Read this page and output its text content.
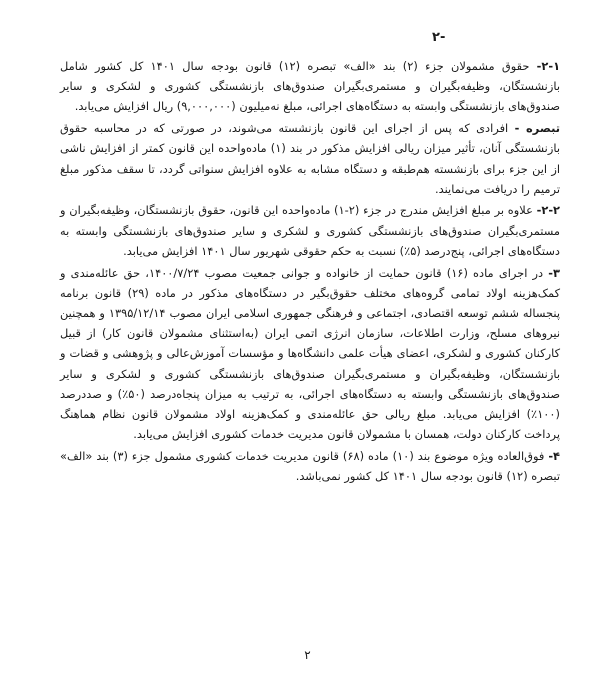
-۲

۲-۱- حقوق مشمولان جزء (۲) بند «الف» تبصره (۱۲) قانون بودجه سال ۱۴۰۱ کل کشور شامل بازنشستگان، وظیفه‌بگیران و مستمری‌بگیران صندوق‌های بازنشستگی کشوری و لشکری و سایر صندوق‌های بازنشستگی وابسته به دستگاه‌های اجرائی، مبلغ نه‌میلیون (۹,۰۰۰,۰۰۰) ریال افزایش می‌یابد.

تبصره - افرادی که پس از اجرای این قانون بازنشسته می‌شوند، در صورتی که در محاسبه حقوق بازنشستگی آنان، تأثیر میزان ریالی افزایش مذکور در بند (۱) ماده‌واحده این قانون کمتر از افزایش ناشی از این جزء برای بازنشسته هم‌طبقه و دستگاه مشابه به علاوه افزایش سنواتی گردد، تا سقف مذکور مبلغ ترمیم را دریافت می‌نمایند.

۲-۲- علاوه بر مبلغ افزایش مندرج در جزء (۲-۱) ماده‌واحده این قانون، حقوق بازنشستگان، وظیفه‌بگیران و مستمری‌بگیران صندوق‌های بازنشستگی کشوری و لشکری و سایر صندوق‌های بازنشستگی وابسته به دستگاه‌های اجرائی، پنج‌درصد (۵٪) نسبت به حکم حقوقی شهریور سال ۱۴۰۱ افزایش می‌یابد.

۳- در اجرای ماده (۱۶) قانون حمایت از خانواده و جوانی جمعیت مصوب ۱۴۰۰/۷/۲۴، حق عائله‌مندی و کمک‌هزینه اولاد تمامی گروه‌های مختلف حقوق‌بگیر در دستگاه‌های مذکور در ماده (۲۹) قانون برنامه پنجساله ششم توسعه اقتصادی، اجتماعی و فرهنگی جمهوری اسلامی ایران مصوب ۱۳۹۵/۱۲/۱۴ و همچنین نیروهای مسلح، وزارت اطلاعات، سازمان انرژی اتمی ایران (به‌استثنای مشمولان قانون کار) از قبیل کارکنان کشوری و لشکری، اعضای هیأت علمی دانشگاه‌ها و مؤسسات آموزش‌عالی و پژوهشی و قضات و بازنشستگان، وظیفه‌بگیران و مستمری‌بگیران صندوق‌های بازنشستگی کشوری و لشکری و سایر صندوق‌های بازنشستگی وابسته به دستگاه‌های اجرائی، به ترتیب به میزان پنجاه‌درصد (۵۰٪) و صددرصد (۱۰۰٪) افزایش می‌یابد. مبلغ ریالی حق عائله‌مندی و کمک‌هزینه اولاد مشمولان قانون نظام هماهنگ پرداخت کارکنان دولت، همسان با مشمولان قانون مدیریت خدمات کشوری افزایش می‌یابد.

۴- فوق‌العاده ویژه موضوع بند (۱۰) ماده (۶۸) قانون مدیریت خدمات کشوری مشمول جزء (۳) بند «الف» تبصره (۱۲) قانون بودجه سال ۱۴۰۱ کل کشور نمی‌باشد.

۲
